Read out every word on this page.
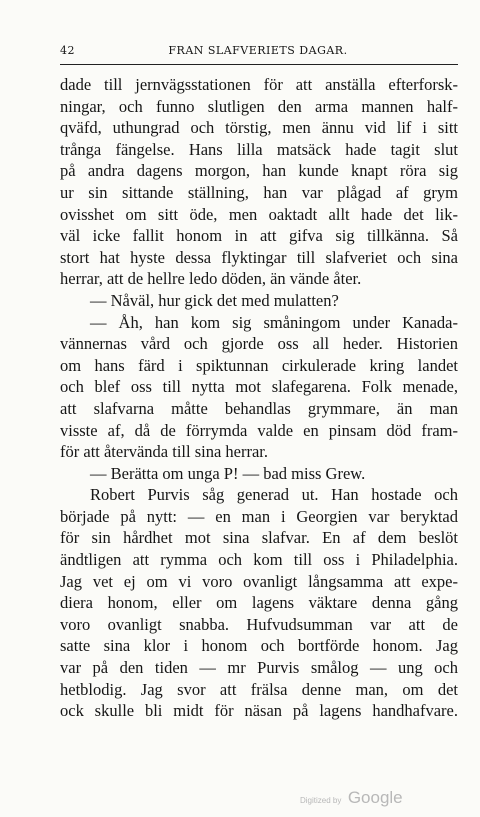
42	FRAN SLAFVERIETS DAGAR.
dade till jernvägsstationen för att anställa efterforsk-
ningar, och funno slutligen den arma mannen half-
qväfd, uthungrad och törstig, men ännu vid lif i sitt
trånga fängelse. Hans lilla matsäck hade tagit slut
på andra dagens morgon, han kunde knapt röra sig
ur sin sittande ställning, han var plågad af grym
ovisshet om sitt öde, men oaktadt allt hade det lik-
väl icke fallit honom in att gifva sig tillkänna. Så
stort hat hyste dessa flyktingar till slafveriet och sina
herrar, att de hellre ledo döden, än vände åter.
— Nåväl, hur gick det med mulatten?
— Åh, han kom sig småningom under Kanada-
vännernas vård och gjorde oss all heder. Historien
om hans färd i spiktunnan cirkulerade kring landet
och blef oss till nytta mot slafegarena. Folk menade,
att slafvarna måtte behandlas grymmare, än man
visste af, då de förrymda valde en pinsam död fram-
för att återvända till sina herrar.
— Berätta om unga P! — bad miss Grew.
Robert Purvis såg generad ut. Han hostade och
började på nytt: — en man i Georgien var beryktad
för sin hårdhet mot sina slafvar. En af dem beslöt
ändtligen att rymma och kom till oss i Philadelphia.
Jag vet ej om vi voro ovanligt långsamma att expe-
diera honom, eller om lagens väktare denna gång
voro ovanligt snabba. Hufvudsumman var att de
satte sina klor i honom och bortförde honom. Jag
var på den tiden — mr Purvis smålog — ung och
hetblodig. Jag svor att frälsa denne man, om det
ock skulle bli midt för näsan på lagens handhafvare.
Digitized by Google
